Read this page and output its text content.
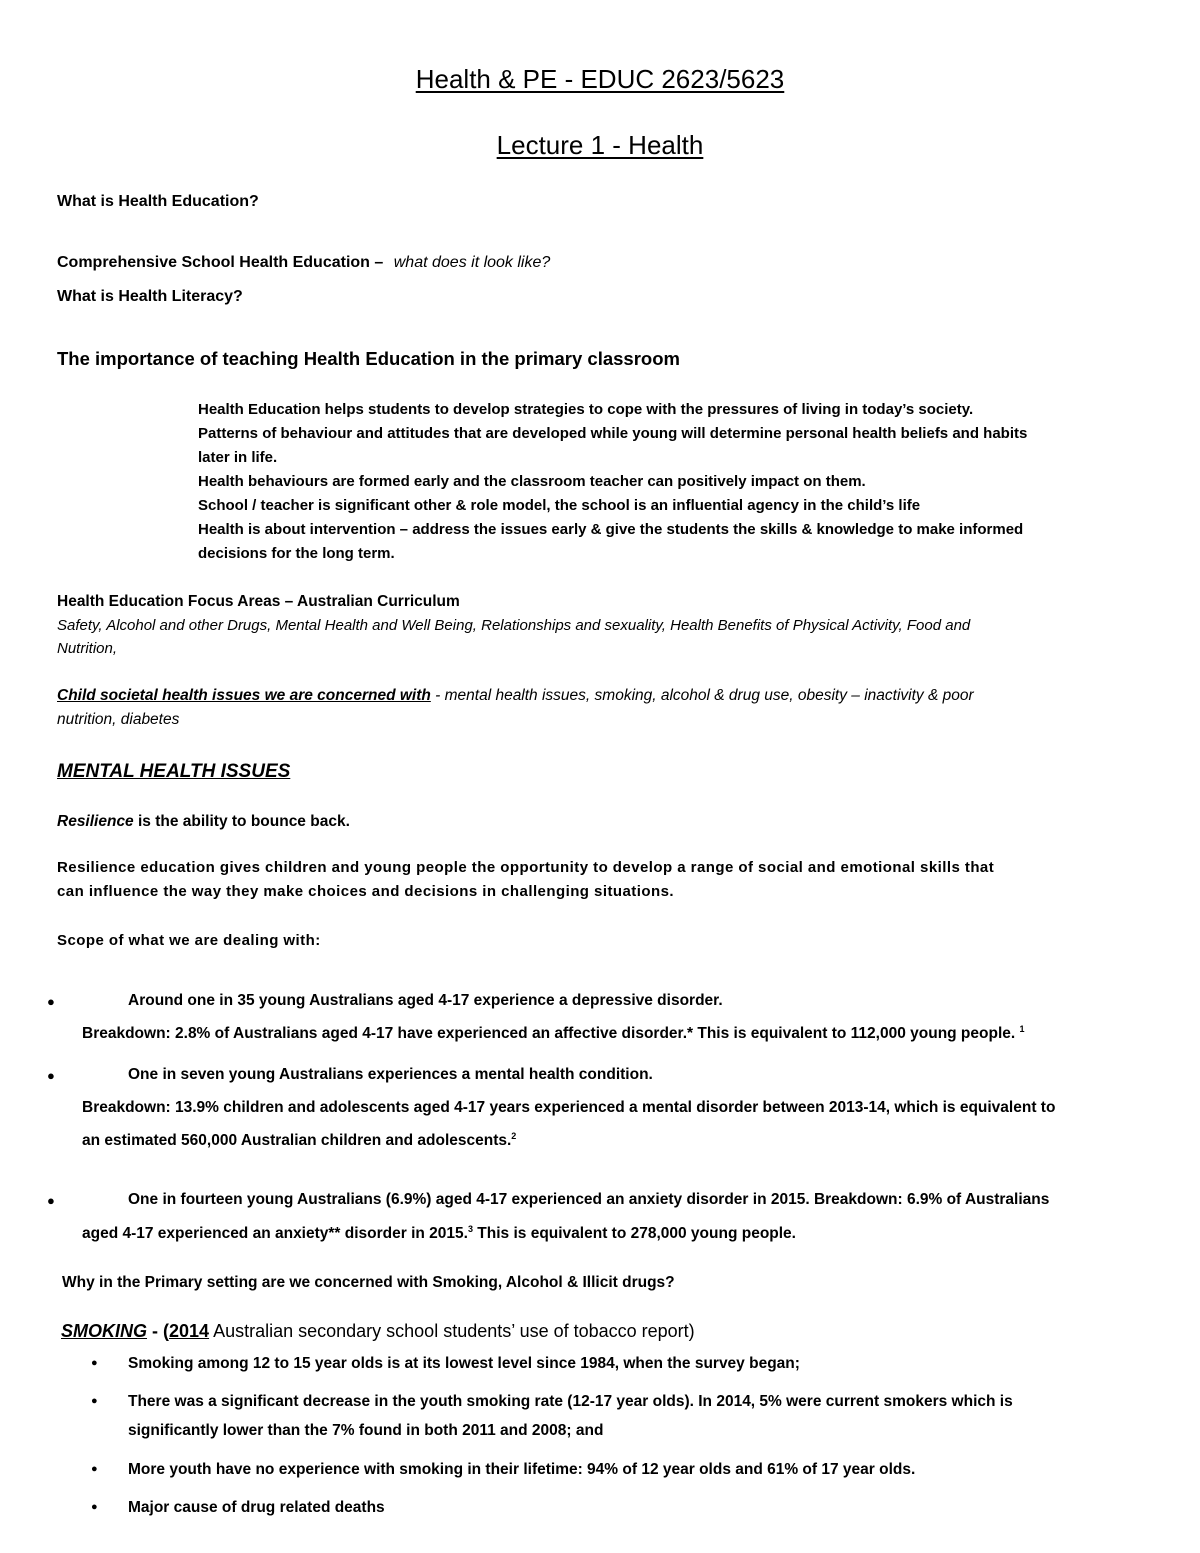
Health & PE - EDUC 2623/5623
Lecture 1 - Health
What is Health Education?
Comprehensive School Health Education – what does it look like?
What is Health Literacy?
The importance of teaching Health Education in the primary classroom
Health Education helps students to develop strategies to cope with the pressures of living in today’s society.
Patterns of behaviour and attitudes that are developed while young will determine personal health beliefs and habits
later in life.
Health behaviours are formed early and the classroom teacher can positively impact on them.
School / teacher is significant other & role model, the school is an influential agency in the child’s life
Health is about intervention – address the issues early & give the students the skills & knowledge to make informed
decisions for the long term.
Health Education Focus Areas – Australian Curriculum
Safety, Alcohol and other Drugs, Mental Health and Well Being, Relationships and sexuality, Health Benefits of Physical Activity, Food and
Nutrition,
Child societal health issues we are concerned with - mental health issues, smoking, alcohol & drug use, obesity – inactivity & poor
nutrition, diabetes
MENTAL HEALTH ISSUES
Resilience is the ability to bounce back.
Resilience education gives children and young people the opportunity to develop a range of social and emotional skills that
can influence the way they make choices and decisions in challenging situations.
Scope of what we are dealing with:
●	Around one in 35 young Australians aged 4-17 experience a depressive disorder.
Breakdown: 2.8% of Australians aged 4-17 have experienced an affective disorder.* This is equivalent to 112,000 young people. $^1$
●	One in seven young Australians experiences a mental health condition.
Breakdown: 13.9% children and adolescents aged 4-17 years experienced a mental disorder between 2013-14, which is equivalent to
an estimated 560,000 Australian children and adolescents.$^2$
●	One in fourteen young Australians (6.9%) aged 4-17 experienced an anxiety disorder in 2015. Breakdown: 6.9% of Australians
aged 4-17 experienced an anxiety** disorder in 2015.$^3$ This is equivalent to 278,000 young people.
Why in the Primary setting are we concerned with Smoking, Alcohol & Illicit drugs?
SMOKING - (2014 Australian secondary school students’ use of tobacco report)
● Smoking among 12 to 15 year olds is at its lowest level since 1984, when the survey began;
● There was a significant decrease in the youth smoking rate (12-17 year olds). In 2014, 5% were current smokers which is
significantly lower than the 7% found in both 2011 and 2008; and
● More youth have no experience with smoking in their lifetime: 94% of 12 year olds and 61% of 17 year olds.
● Major cause of drug related deaths
